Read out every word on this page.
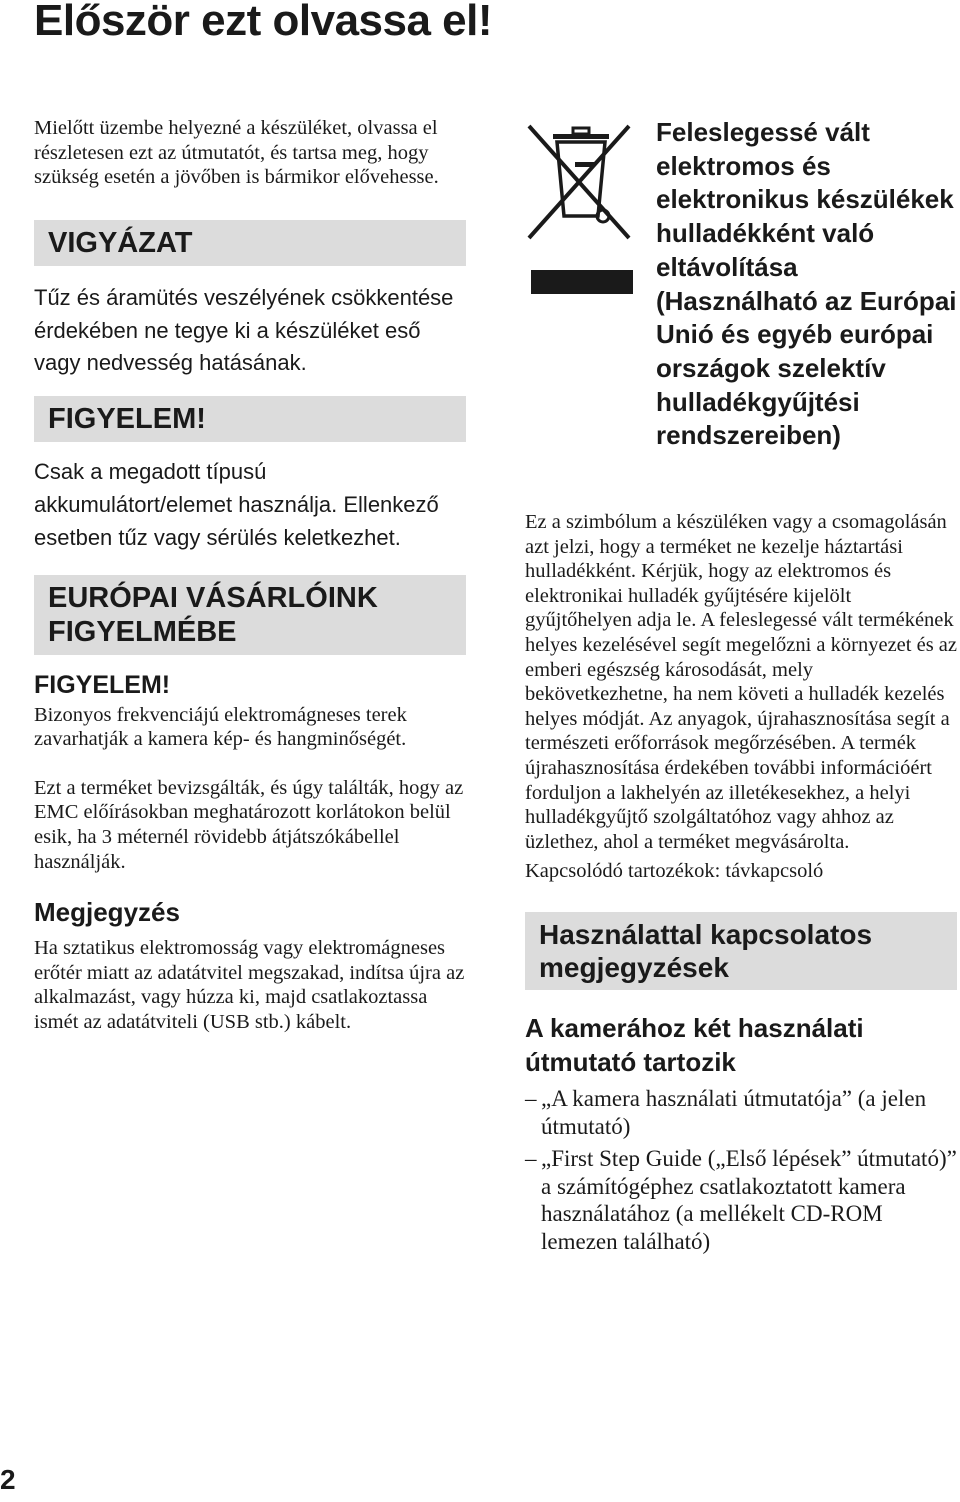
Először ezt olvassa el!

Mielőtt üzembe helyezné a készüléket, olvassa el részletesen ezt az útmutatót, és tartsa meg, hogy szükség esetén a jövőben is bármikor elővehesse.

VIGYÁZAT

Tűz és áramütés veszélyének csökkentése érdekében ne tegye ki a készüléket eső vagy nedvesség hatásának.

FIGYELEM!

Csak a megadott típusú akkumulátort/elemet használja. Ellenkező esetben tűz vagy sérülés keletkezhet.

EURÓPAI VÁSÁRLÓINK FIGYELMÉBE
FIGYELEM!

Bizonyos frekvenciájú elektromágneses terek zavarhatják a kamera kép- és hangminőségét.

Ezt a terméket bevizsgálták, és úgy találták, hogy az EMC előírásokban meghatározott korlátokon belül esik, ha 3 méternél rövidebb átjátszókábellel használják.

Megjegyzés

Ha sztatikus elektromosság vagy elektromágneses erőtér miatt az adatátvitel megszakad, indítsa újra az alkalmazást, vagy húzza ki, majd csatlakoztassa ismét az adatátviteli (USB stb.) kábelt.

Feleslegessé vált elektromos és elektronikus készülékek hulladékként való eltávolítása (Használható az Európai Unió és egyéb európai országok szelektív hulladékgyűjtési rendszereiben)

Ez a szimbólum a készüléken vagy a csomagolásán azt jelzi, hogy a terméket ne kezelje háztartási hulladékként. Kérjük, hogy az elektromos és elektronikai hulladék gyűjtésére kijelölt gyűjtőhelyen adja le. A feleslegessé vált termékének helyes kezelésével segít megelőzni a környezet és az emberi egészség károsodását, mely bekövetkezhetne, ha nem követi a hulladék kezelés helyes módját. Az anyagok, újrahasznosítása segít a természeti erőforrások megőrzésében. A termék újrahasznosítása érdekében további információért forduljon a lakhelyén az illetékesekhez, a helyi hulladékgyűjtő szolgáltatóhoz vagy ahhoz az üzlethez, ahol a terméket megvásárolta.

Kapcsolódó tartozékok: távkapcsoló

Használattal kapcsolatos megjegyzések
A kamerához két használati útmutató tartozik
– „A kamera használati útmutatója” (a jelen útmutató)
– „First Step Guide („Első lépések” útmutató)” a számítógéphez csatlakoztatott kamera használatához (a mellékelt CD-ROM lemezen található)
2
